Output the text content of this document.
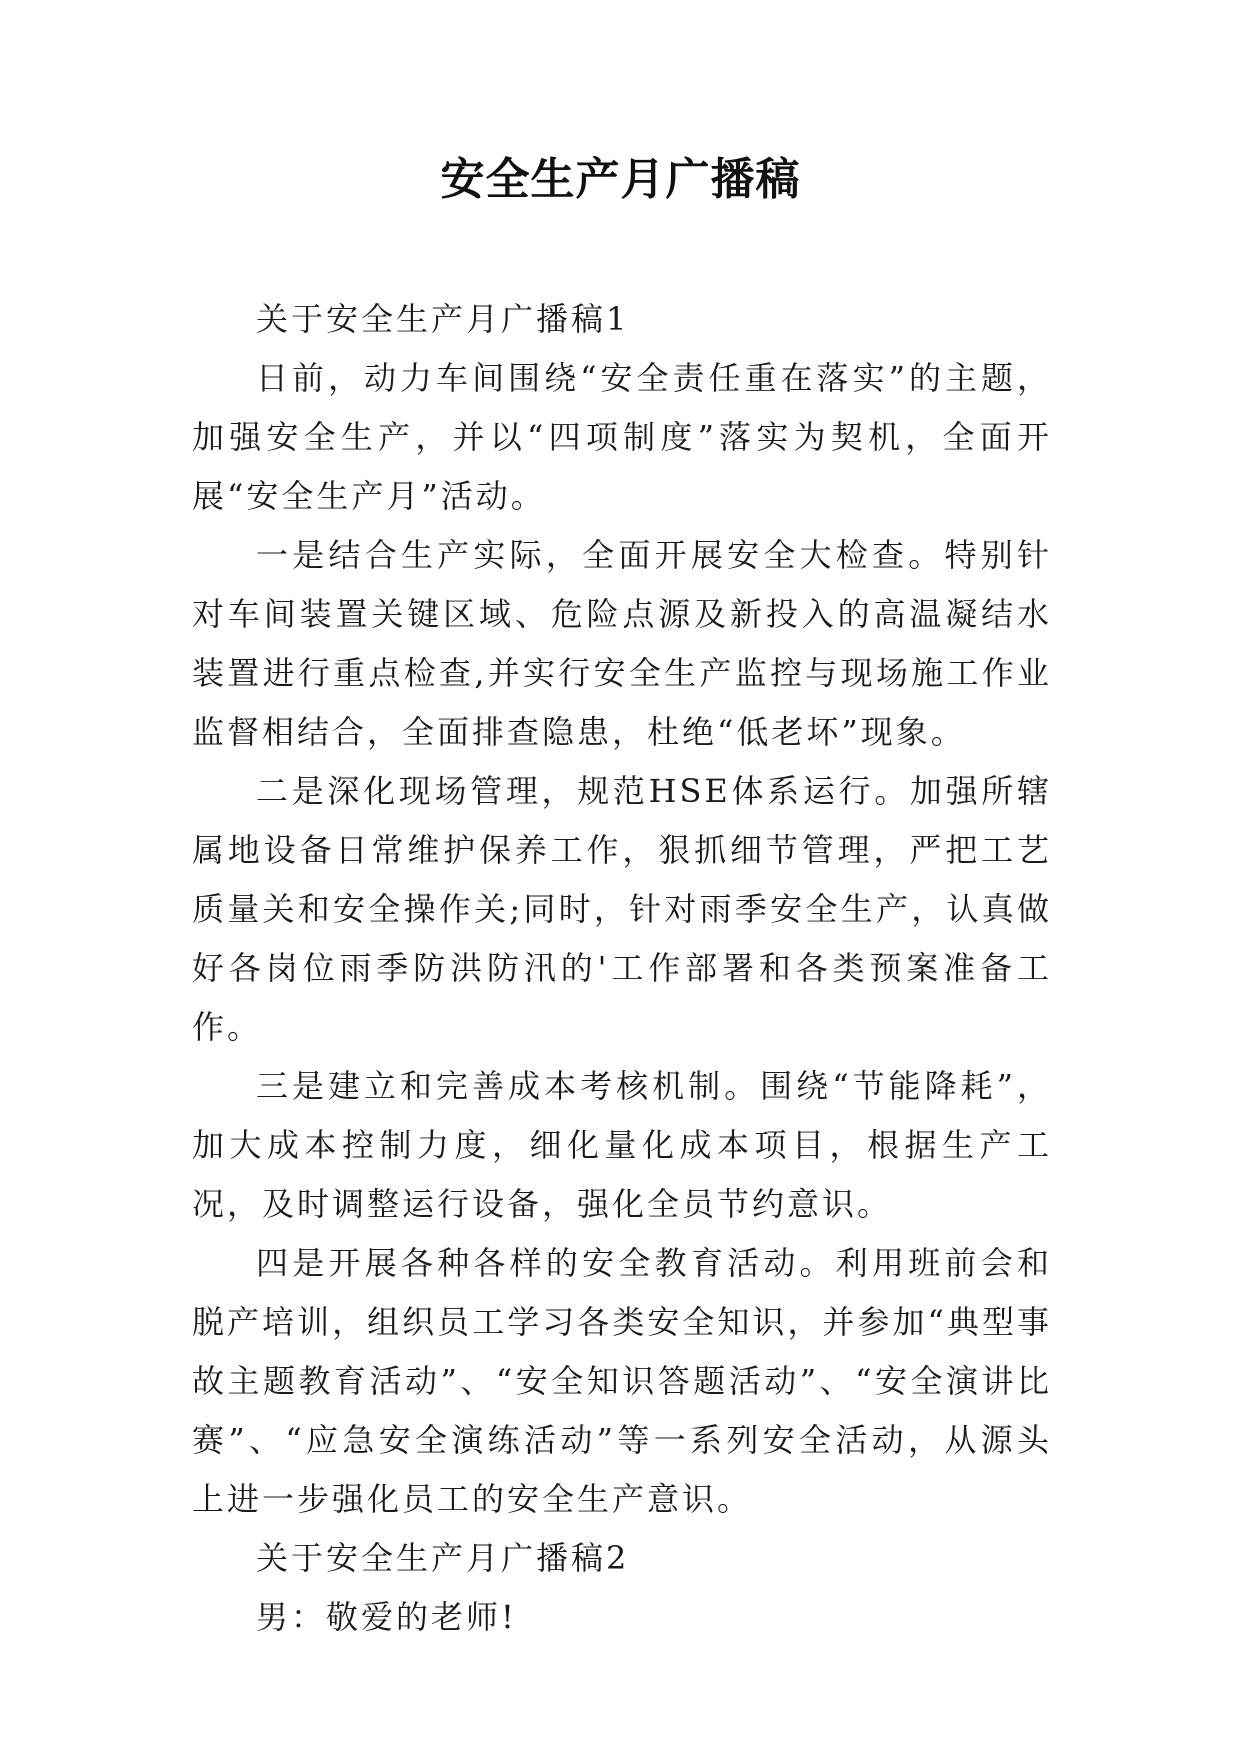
安全生产月广播稿

关于安全生产月广播稿1

日前，动力车间围绕“安全责任重在落实”的主题，加强安全生产，并以“四项制度”落实为契机，全面开展“安全生产月”活动。

一是结合生产实际，全面开展安全大检查。特别针对车间装置关键区域、危险点源及新投入的高温凝结水装置进行重点检查,并实行安全生产监控与现场施工作业监督相结合，全面排查隐患，杜绝“低老坏”现象。

二是深化现场管理，规范HSE体系运行。加强所辖属地设备日常维护保养工作，狠抓细节管理，严把工艺质量关和安全操作关;同时，针对雨季安全生产，认真做好各岗位雨季防洪防汛的'工作部署和各类预案准备工作。

三是建立和完善成本考核机制。围绕“节能降耗”，加大成本控制力度，细化量化成本项目，根据生产工况，及时调整运行设备，强化全员节约意识。

四是开展各种各样的安全教育活动。利用班前会和脱产培训，组织员工学习各类安全知识，并参加“典型事故主题教育活动”、“安全知识答题活动”、“安全演讲比赛”、“应急安全演练活动”等一系列安全活动，从源头上进一步强化员工的安全生产意识。

关于安全生产月广播稿2

男：敬爱的老师!
